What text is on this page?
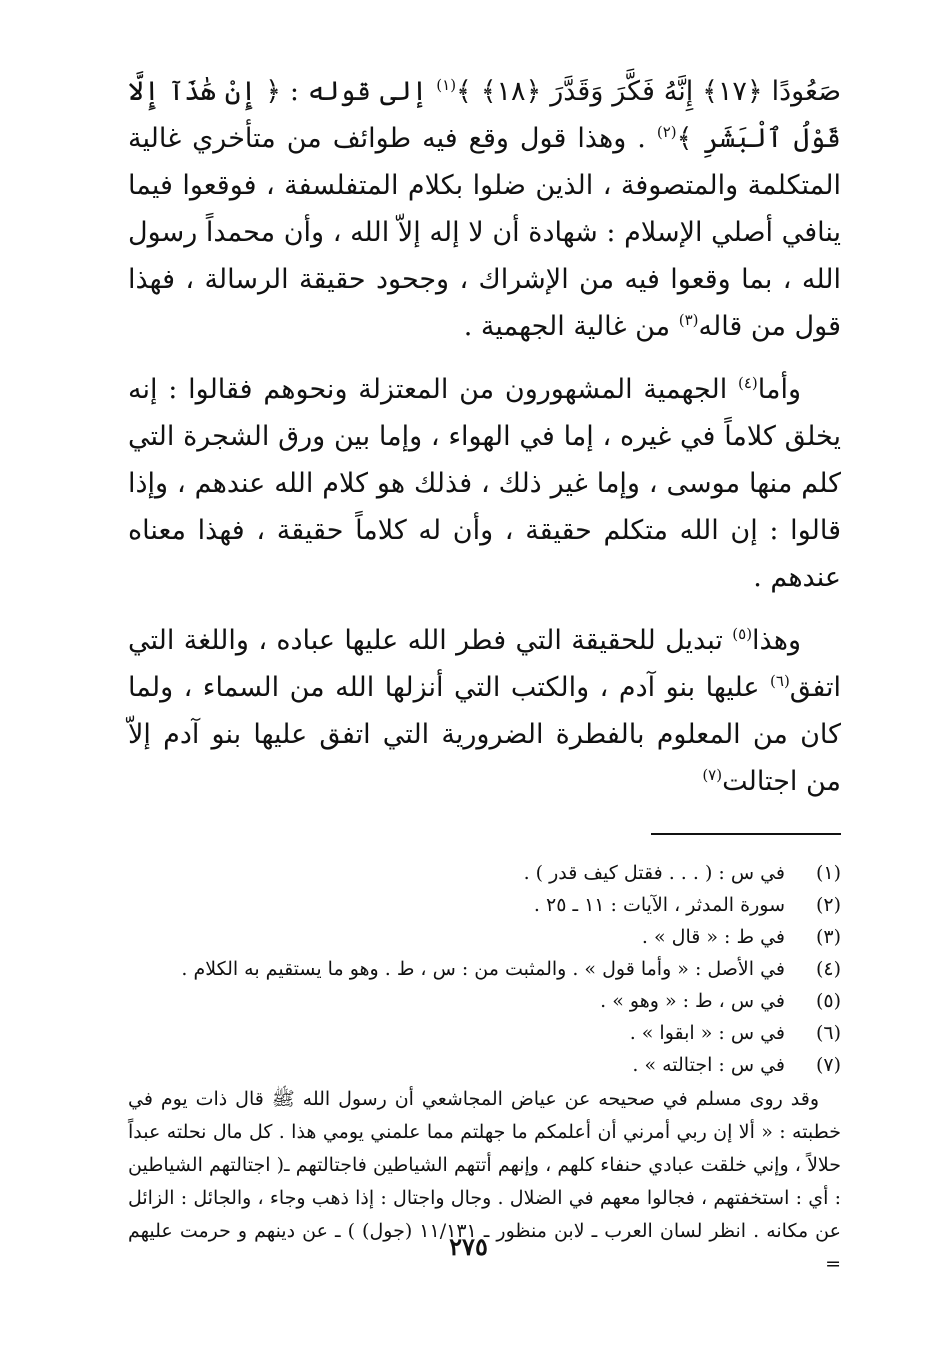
صَعُودًا ﴿١٧﴾ إِنَّهُ فَكَّرَ وَقَدَّرَ ﴿١٨﴾ ﴾$^{(١)}$ إلى قوله : ﴿ إِنْ هَٰذَآ إِلَّا قَوْلُ ٱلْبَشَرِ ﴾$^{(٢)}$ . وهذا قول وقع فيه طوائف من متأخري غالية المتكلمة والمتصوفة ، الذين ضلوا بكلام المتفلسفة ، فوقعوا فيما ينافي أصلي الإسلام : شهادة أن لا إله إلاّ الله ، وأن محمداً رسول الله ، بما وقعوا فيه من الإشراك ، وجحود حقيقة الرسالة ، فهذا قول من قاله$^{(٣)}$ من غالية الجهمية .

وأما$^{(٤)}$ الجهمية المشهورون من المعتزلة ونحوهم فقالوا : إنه يخلق كلاماً في غيره ، إما في الهواء ، وإما بين ورق الشجرة التي كلم منها موسى ، وإما غير ذلك ، فذلك هو كلام الله عندهم ، وإذا قالوا : إن الله متكلم حقيقة ، وأن له كلاماً حقيقة ، فهذا معناه عندهم .

وهذا$^{(٥)}$ تبديل للحقيقة التي فطر الله عليها عباده ، واللغة التي اتفق$^{(٦)}$ عليها بنو آدم ، والكتب التي أنزلها الله من السماء ، ولما كان من المعلوم بالفطرة الضرورية التي اتفق عليها بنو آدم إلاّ من اجتالت$^{(٧)}$

(١)
في س : ( . . . فقتل كيف قدر ) .
(٢)
سورة المدثر ، الآيات : ١١ ـ ٢٥ .
(٣)
في ط : « قال » .
(٤)
في الأصل : « وأما قول » . والمثبت من : س ، ط . وهو ما يستقيم به الكلام .
(٥)
في س ، ط : « وهو » .
(٦)
في س : « ابقوا » .
(٧)
في س : اجتالته » .
وقد روى مسلم في صحيحه عن عياض المجاشعي أن رسول الله ﷺ قال ذات يوم في خطبته : « ألا إن ربي أمرني أن أعلمكم ما جهلتم مما علمني يومي هذا . كل مال نحلته عبداً حلالاً ، وإني خلقت عبادي حنفاء كلهم ، وإنهم أتتهم الشياطين فاجتالتهم ـ( اجتالتهم الشياطين : أي : استخفتهم ، فجالوا معهم في الضلال . وجال واجتال : إذا ذهب وجاء ، والجائل : الزائل عن مكانه . انظر لسان العرب ـ لابن منظور ـ ١١/١٣١ (جول) ) ـ عن دينهم و حرمت عليهم =
٢٧٥
